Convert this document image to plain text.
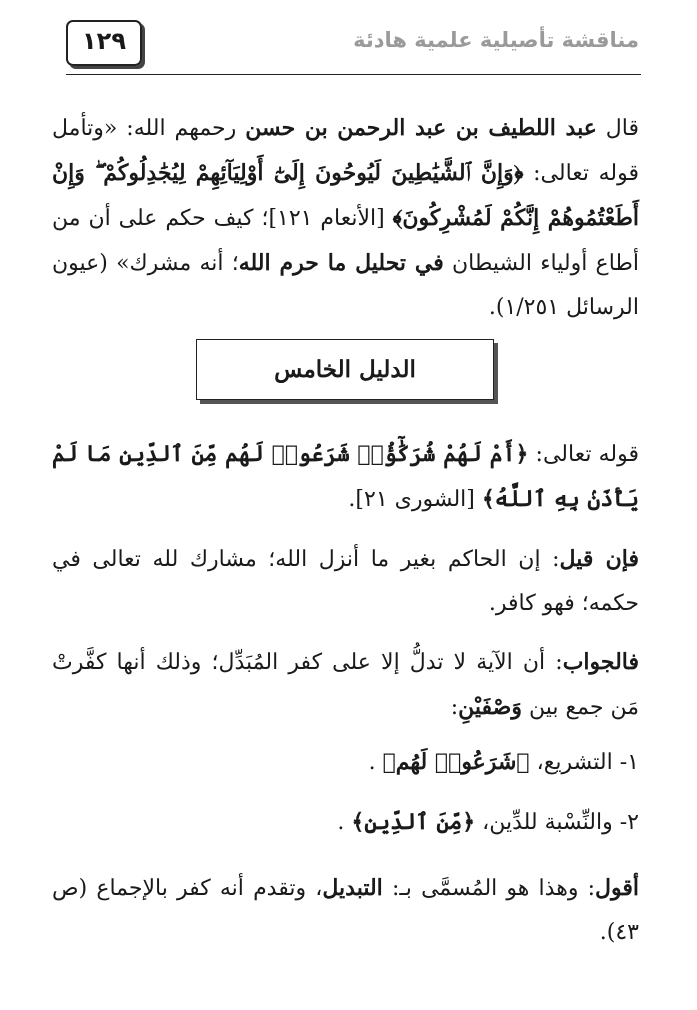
١٢٩	مناقشة تأصيلية علمية هادئة

قال عبد اللطيف بن عبد الرحمن بن حسن رحمهم الله: «وتأمل قوله تعالى: ﴿وَإِنَّ ٱلشَّيَٰطِينَ لَيُوحُونَ إِلَىٰٓ أَوْلِيَآئِهِمْ لِيُجَٰدِلُوكُمْ ۖ وَإِنْ أَطَعْتُمُوهُمْ إِنَّكُمْ لَمُشْرِكُونَ﴾ [الأنعام ١٢١]؛ كيف حكم على أن من أطاع أولياء الشيطان في تحليل ما حرم الله؛ أنه مشرك» (عيون الرسائل ١/٢٥١).

الدليل الخامس

قوله تعالى: ﴿أَمْ لَهُمْ شُرَكَٰٓؤُا۟ شَرَعُوا۟ لَهُم مِّنَ ٱلدِّينِ مَا لَمْ يَأْذَنۢ بِهِ ٱللَّهُ﴾ [الشورى ٢١].

فإن قيل: إن الحاكم بغير ما أنزل الله؛ مشارك لله تعالى في حكمه؛ فهو كافر.

فالجواب: أن الآية لا تدلُّ إلا على كفر المُبَدِّل؛ وذلك أنها كفَّرتْ مَن جمع بين وَصْفَيْنِ:

١- التشريع، ﴿شَرَعُوا۟ لَهُم﴾ .

٢- والنِّسْبة للدِّين، ﴿مِّنَ ٱلدِّينِ﴾ .

أقول: وهذا هو المُسمَّى بـ: التبديل، وتقدم أنه كفر بالإجماع (ص ٤٣).
